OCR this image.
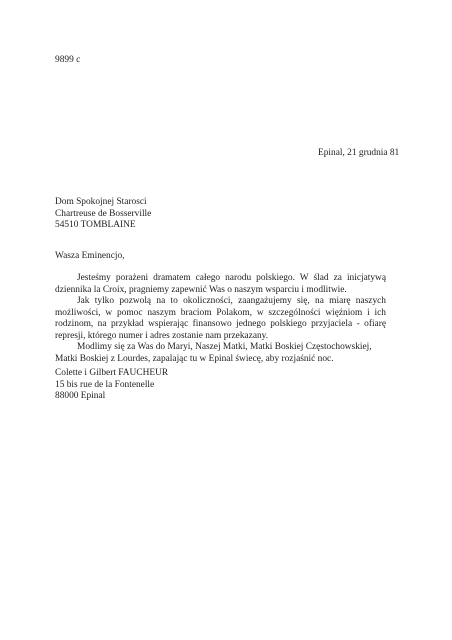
9899 c
Epinal, 21 grudnia 81
Dom Spokojnej Starosci
Chartreuse de Bosserville
54510 TOMBLAINE
Wasza Eminencjo,

Jesteśmy porażeni dramatem całego narodu polskiego. W ślad za inicjatywą dziennika la Croix, pragniemy zapewnić Was o naszym wsparciu i modlitwie.

Jak tylko pozwolą na to okoliczności, zaangażujemy się, na miarę naszych możliwości, w pomoc naszym braciom Polakom, w szczególności więźniom i ich rodzinom, na przykład wspierając finansowo jednego polskiego przyjaciela - ofiarę represji, którego numer i adres zostanie nam przekazany.

Modlimy się za Was do Maryi, Naszej Matki, Matki Boskiej Częstochowskiej, Matki Boskiej z Lourdes, zapalając tu w Epinal świecę, aby rozjaśnić noc.

Colette i Gilbert FAUCHEUR
15 bis rue de la Fontenelle
88000 Epinal
